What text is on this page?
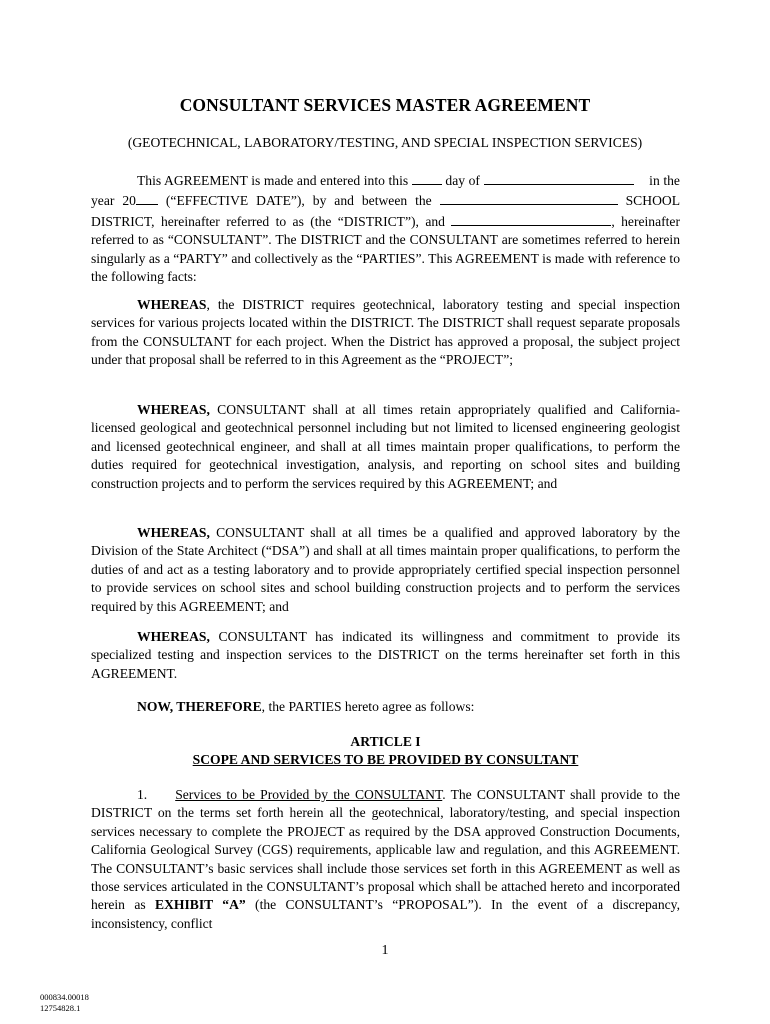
CONSULTANT SERVICES MASTER AGREEMENT
(GEOTECHNICAL, LABORATORY/TESTING, AND SPECIAL INSPECTION SERVICES)

This AGREEMENT is made and entered into this	day of	in the year 20 (“EFFECTIVE DATE”), by and between the	SCHOOL DISTRICT, hereinafter referred to as (the “DISTRICT”), and	, hereinafter referred to as “CONSULTANT”. The DISTRICT and the CONSULTANT are sometimes referred to herein singularly as a “PARTY” and collectively as the “PARTIES”. This AGREEMENT is made with reference to the following facts:

WHEREAS, the DISTRICT requires geotechnical, laboratory testing and special inspection services for various projects located within the DISTRICT. The DISTRICT shall request separate proposals from the CONSULTANT for each project. When the District has approved a proposal, the subject project under that proposal shall be referred to in this Agreement as the “PROJECT”;

WHEREAS, CONSULTANT shall at all times retain appropriately qualified and California-licensed geological and geotechnical personnel including but not limited to licensed engineering geologist and licensed geotechnical engineer, and shall at all times maintain proper qualifications, to perform the duties required for geotechnical investigation, analysis, and reporting on school sites and building construction projects and to perform the services required by this AGREEMENT; and

WHEREAS, CONSULTANT shall at all times be a qualified and approved laboratory by the Division of the State Architect (“DSA”) and shall at all times maintain proper qualifications, to perform the duties of and act as a testing laboratory and to provide appropriately certified special inspection personnel to provide services on school sites and school building construction projects and to perform the services required by this AGREEMENT; and

WHEREAS, CONSULTANT has indicated its willingness and commitment to provide its specialized testing and inspection services to the DISTRICT on the terms hereinafter set forth in this AGREEMENT.

NOW, THEREFORE, the PARTIES hereto agree as follows:

ARTICLE I
SCOPE AND SERVICES TO BE PROVIDED BY CONSULTANT

1. Services to be Provided by the CONSULTANT. The CONSULTANT shall provide to the DISTRICT on the terms set forth herein all the geotechnical, laboratory/testing, and special inspection services necessary to complete the PROJECT as required by the DSA approved Construction Documents, California Geological Survey (CGS) requirements, applicable law and regulation, and this AGREEMENT. The CONSULTANT’s basic services shall include those services set forth in this AGREEMENT as well as those services articulated in the CONSULTANT’s proposal which shall be attached hereto and incorporated herein as EXHIBIT “A” (the CONSULTANT’s “PROPOSAL”). In the event of a discrepancy, inconsistency, conflict

1
000834.00018
12754828.1
